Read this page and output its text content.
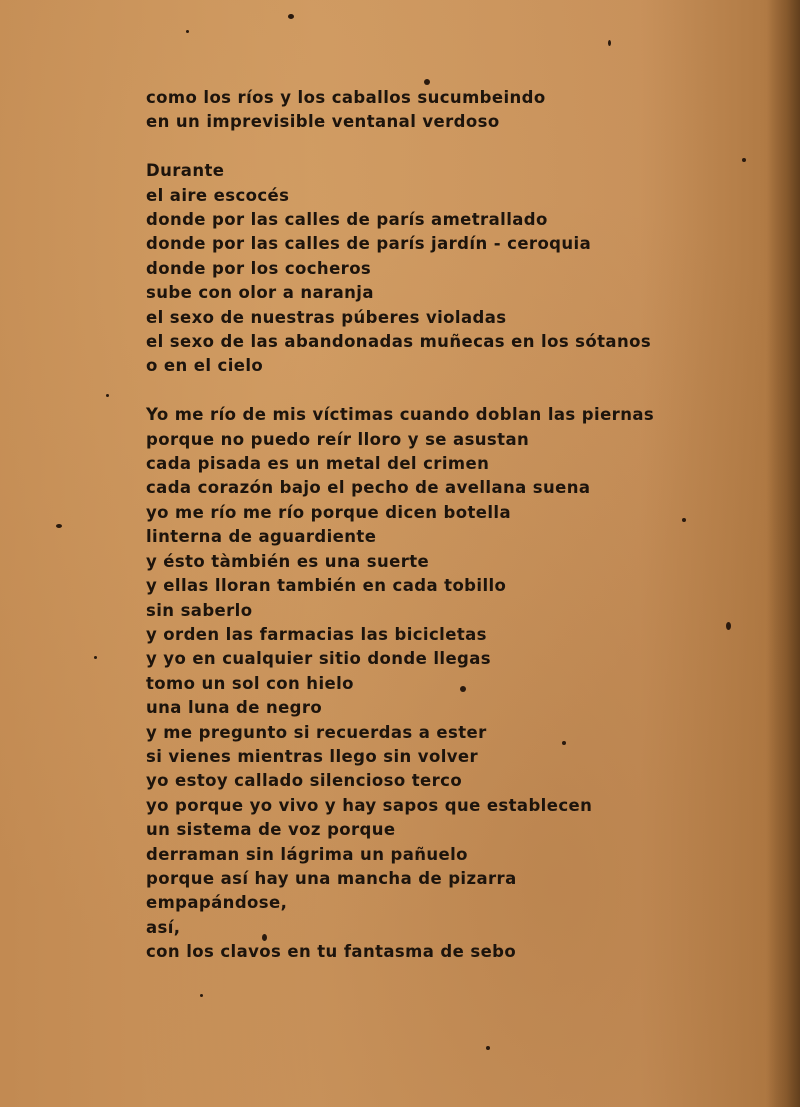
como los ríos y los caballos sucumbeindo
en un imprevisible ventanal verdoso
Durante
el aire escocés
donde por las calles de parís ametrallado
donde por las calles de parís jardín - ceroquia
donde por los cocheros
sube con olor a naranja
el sexo de nuestras púberes violadas
el sexo de las abandonadas muñecas en los sótanos
o en el cielo
Yo me río de mis víctimas cuando doblan las piernas
porque no puedo reír lloro y se asustan
cada pisada es un metal del crimen
cada corazón bajo el pecho de avellana suena
yo me río me río porque dicen botella
linterna de aguardiente
y ésto tàmbién es una suerte
y ellas lloran también en cada tobillo
sin saberlo
y orden las farmacias las bicicletas
y yo en cualquier sitio donde llegas
tomo un sol con hielo
una luna de negro
y me pregunto si recuerdas a ester
si vienes mientras llego sin volver
yo estoy callado silencioso terco
yo porque yo vivo y hay sapos que establecen
un sistema de voz porque
derraman sin lágrima un pañuelo
porque así hay una mancha de pizarra
empapándose,
así,
con los clavos en tu fantasma de sebo
